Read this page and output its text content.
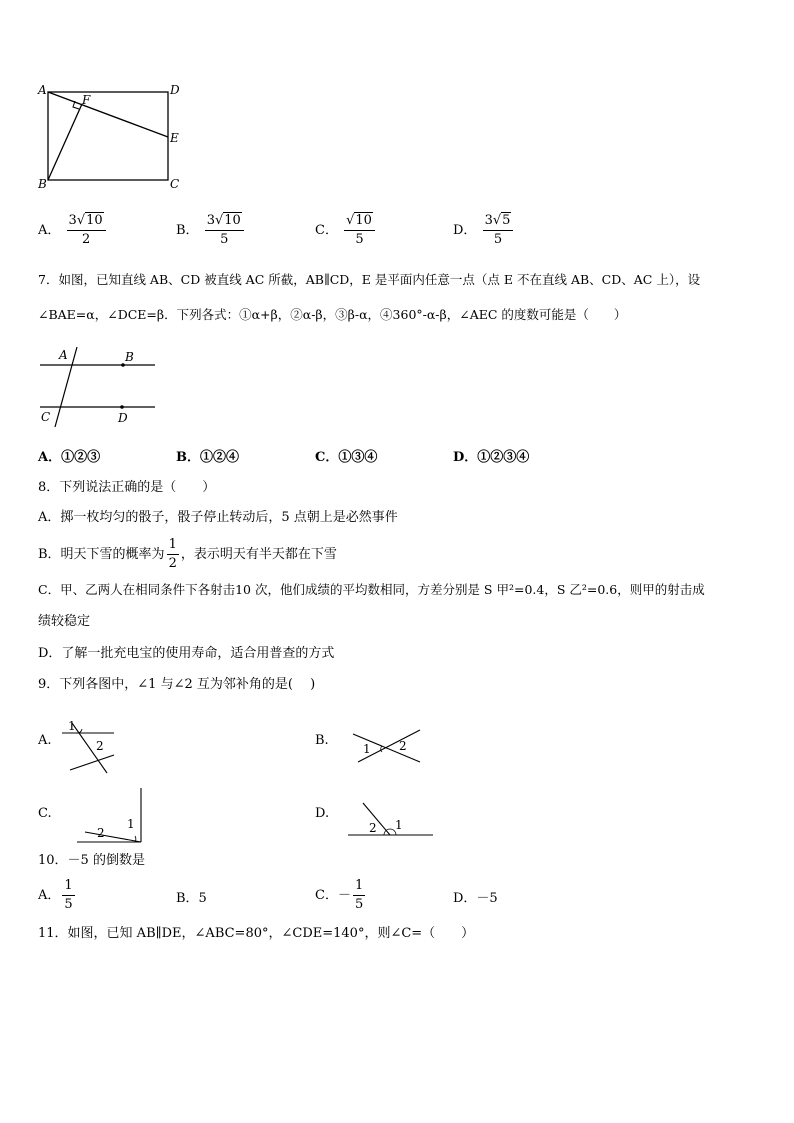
A	D
F
E
B	C
A． $\frac{3√10}{2}$	B． $\frac{3√10}{5}$	C． $\frac{√10}{5}$	D． $\frac{3√5}{5}$
7．如图，已知直线 AB、CD 被直线 AC 所截，AB∥CD，E 是平面内任意一点（点 E 不在直线 AB、CD、AC 上），设
∠BAE=α，∠DCE=β．下列各式：①α+β，②α-β，③β-α，④360°-α-β，∠AEC 的度数可能是（　　）
A	B
C	D
A．①②③	B．①②④	C．①③④	D．①②③④
8．下列说法正确的是（　　）
A．掷一枚均匀的骰子，骰子停止转动后，5 点朝上是必然事件
B．明天下雪的概率为 $\frac{1}{2}$ ，表示明天有半天都在下雪
C．甲、乙两人在相同条件下各射击10 次，他们成绩的平均数相同，方差分别是 S 甲²=0.4，S 乙²=0.6，则甲的射击成
绩较稳定
D．了解一批充电宝的使用寿命，适合用普查的方式
9．下列各图中，∠1 与∠2 互为邻补角的是(　 )
A.
1
2	B.
1 2
C.
1
2
D.
1
2
10．－5 的倒数是
A． $\frac{1}{5}$	B．5	C．－ $\frac{1}{5}$	D．－5
11．如图，已知 AB∥DE，∠ABC=80°，∠CDE=140°，则∠C=（　　）
